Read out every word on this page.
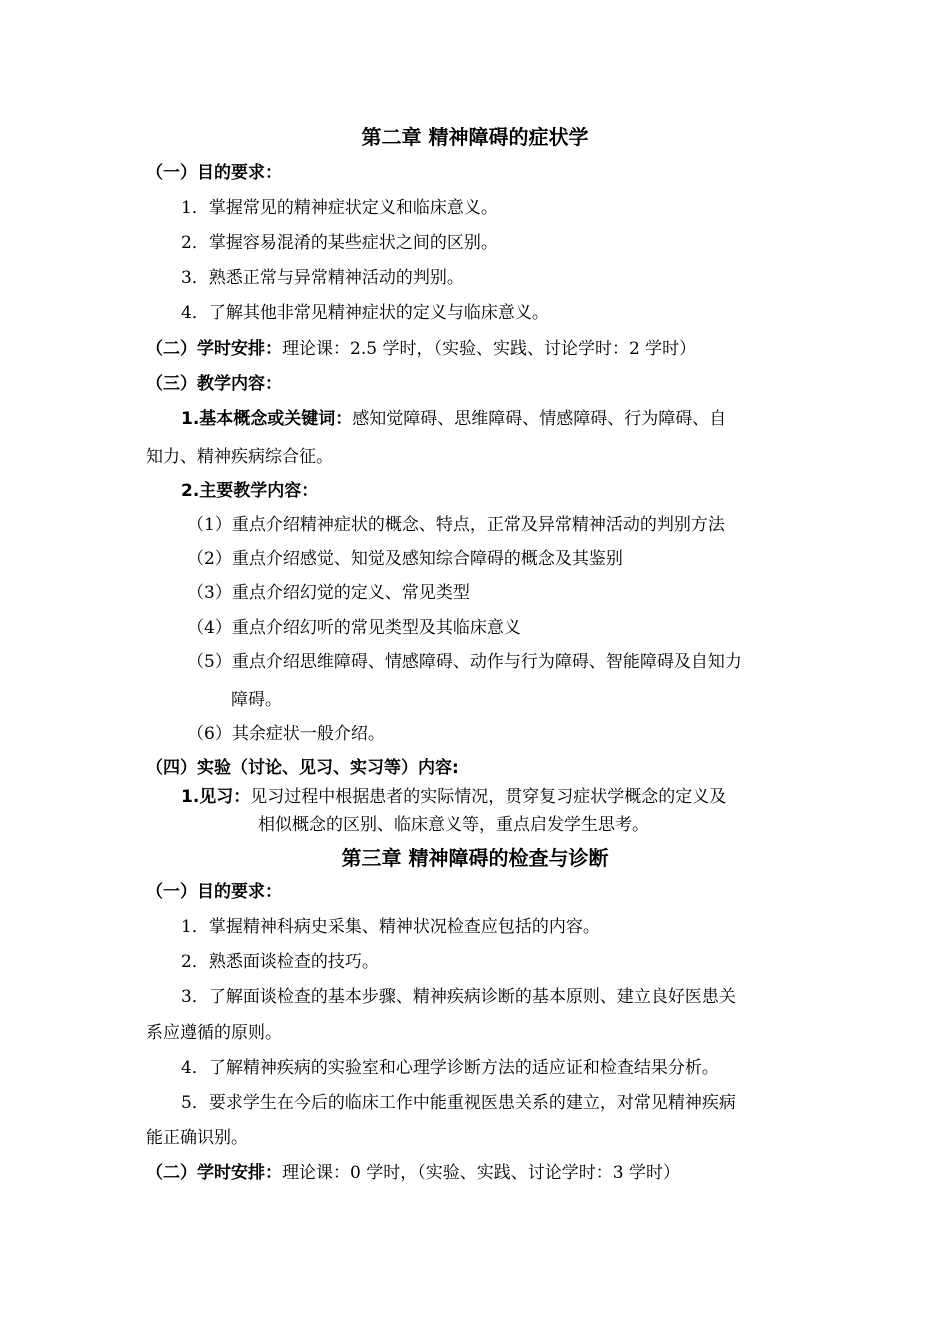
第二章 精神障碍的症状学
（一）目的要求：
1．掌握常见的精神症状定义和临床意义。
2．掌握容易混淆的某些症状之间的区别。
3．熟悉正常与异常精神活动的判别。
4．了解其他非常见精神症状的定义与临床意义。
（二）学时安排：理论课：2.5 学时，（实验、实践、讨论学时：2 学时）
（三）教学内容：
1.基本概念或关键词：感知觉障碍、思维障碍、情感障碍、行为障碍、自
知力、精神疾病综合征。
2.主要教学内容：
（1）重点介绍精神症状的概念、特点，正常及异常精神活动的判别方法
（2）重点介绍感觉、知觉及感知综合障碍的概念及其鉴别
（3）重点介绍幻觉的定义、常见类型
（4）重点介绍幻听的常见类型及其临床意义
（5）重点介绍思维障碍、情感障碍、动作与行为障碍、智能障碍及自知力
障碍。
（6）其余症状一般介绍。
（四）实验（讨论、见习、实习等）内容:
1.见习：见习过程中根据患者的实际情况，贯穿复习症状学概念的定义及
相似概念的区别、临床意义等，重点启发学生思考。
第三章 精神障碍的检查与诊断
（一）目的要求：
1．掌握精神科病史采集、精神状况检查应包括的内容。
2．熟悉面谈检查的技巧。
3．了解面谈检查的基本步骤、精神疾病诊断的基本原则、建立良好医患关
系应遵循的原则。
4．了解精神疾病的实验室和心理学诊断方法的适应证和检查结果分析。
5．要求学生在今后的临床工作中能重视医患关系的建立，对常见精神疾病
能正确识别。
（二）学时安排：理论课：0 学时，（实验、实践、讨论学时：3 学时）
